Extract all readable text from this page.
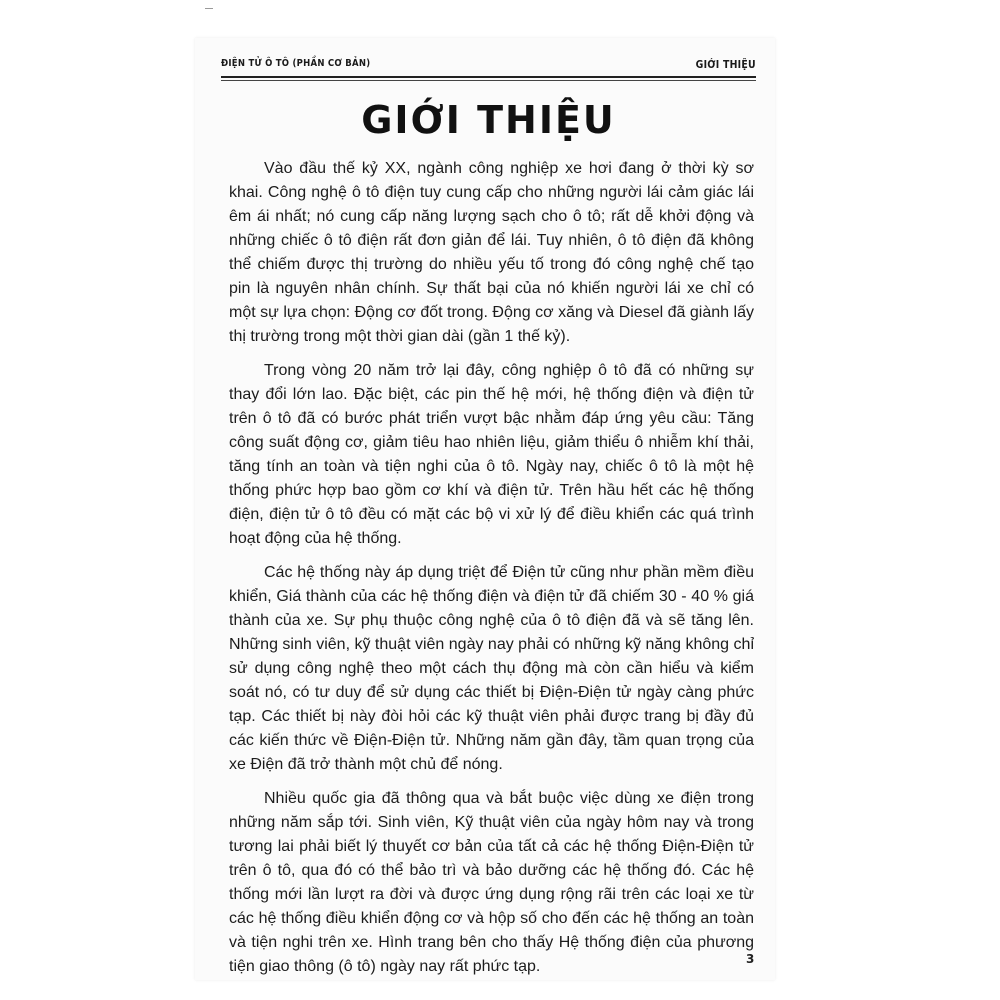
ĐIỆN TỬ Ô TÔ (PHẦN CƠ BẢN)	GIỚI THIỆU
GIỚI THIỆU

Vào đầu thế kỷ XX, ngành công nghiệp xe hơi đang ở thời kỳ sơ khai. Công nghệ ô tô điện tuy cung cấp cho những người lái cảm giác lái êm ái nhất; nó cung cấp năng lượng sạch cho ô tô; rất dễ khởi động và những chiếc ô tô điện rất đơn giản để lái. Tuy nhiên, ô tô điện đã không thể chiếm được thị trường do nhiều yếu tố trong đó công nghệ chế tạo pin là nguyên nhân chính. Sự thất bại của nó khiến người lái xe chỉ có một sự lựa chọn: Động cơ đốt trong. Động cơ xăng và Diesel đã giành lấy thị trường trong một thời gian dài (gần 1 thế kỷ).

Trong vòng 20 năm trở lại đây, công nghiệp ô tô đã có những sự thay đổi lớn lao. Đặc biệt, các pin thế hệ mới, hệ thống điện và điện tử trên ô tô đã có bước phát triển vượt bậc nhằm đáp ứng yêu cầu: Tăng công suất động cơ, giảm tiêu hao nhiên liệu, giảm thiểu ô nhiễm khí thải, tăng tính an toàn và tiện nghi của ô tô. Ngày nay, chiếc ô tô là một hệ thống phức hợp bao gồm cơ khí và điện tử. Trên hầu hết các hệ thống điện, điện tử ô tô đều có mặt các bộ vi xử lý để điều khiển các quá trình hoạt động của hệ thống.

Các hệ thống này áp dụng triệt để Điện tử cũng như phần mềm điều khiển, Giá thành của các hệ thống điện và điện tử đã chiếm 30 - 40 % giá thành của xe. Sự phụ thuộc công nghệ của ô tô điện đã và sẽ tăng lên. Những sinh viên, kỹ thuật viên ngày nay phải có những kỹ năng không chỉ sử dụng công nghệ theo một cách thụ động mà còn cần hiểu và kiểm soát nó, có tư duy để sử dụng các thiết bị Điện-Điện tử ngày càng phức tạp. Các thiết bị này đòi hỏi các kỹ thuật viên phải được trang bị đầy đủ các kiến thức về Điện-Điện tử. Những năm gần đây, tầm quan trọng của xe Điện đã trở thành một chủ để nóng.

Nhiều quốc gia đã thông qua và bắt buộc việc dùng xe điện trong những năm sắp tới. Sinh viên, Kỹ thuật viên của ngày hôm nay và trong tương lai phải biết lý thuyết cơ bản của tất cả các hệ thống Điện-Điện tử trên ô tô, qua đó có thể bảo trì và bảo dưỡng các hệ thống đó. Các hệ thống mới lần lượt ra đời và được ứng dụng rộng rãi trên các loại xe từ các hệ thống điều khiển động cơ và hộp số cho đến các hệ thống an toàn và tiện nghi trên xe. Hình trang bên cho thấy Hệ thống điện của phương tiện giao thông (ô tô) ngày nay rất phức tạp.	3
